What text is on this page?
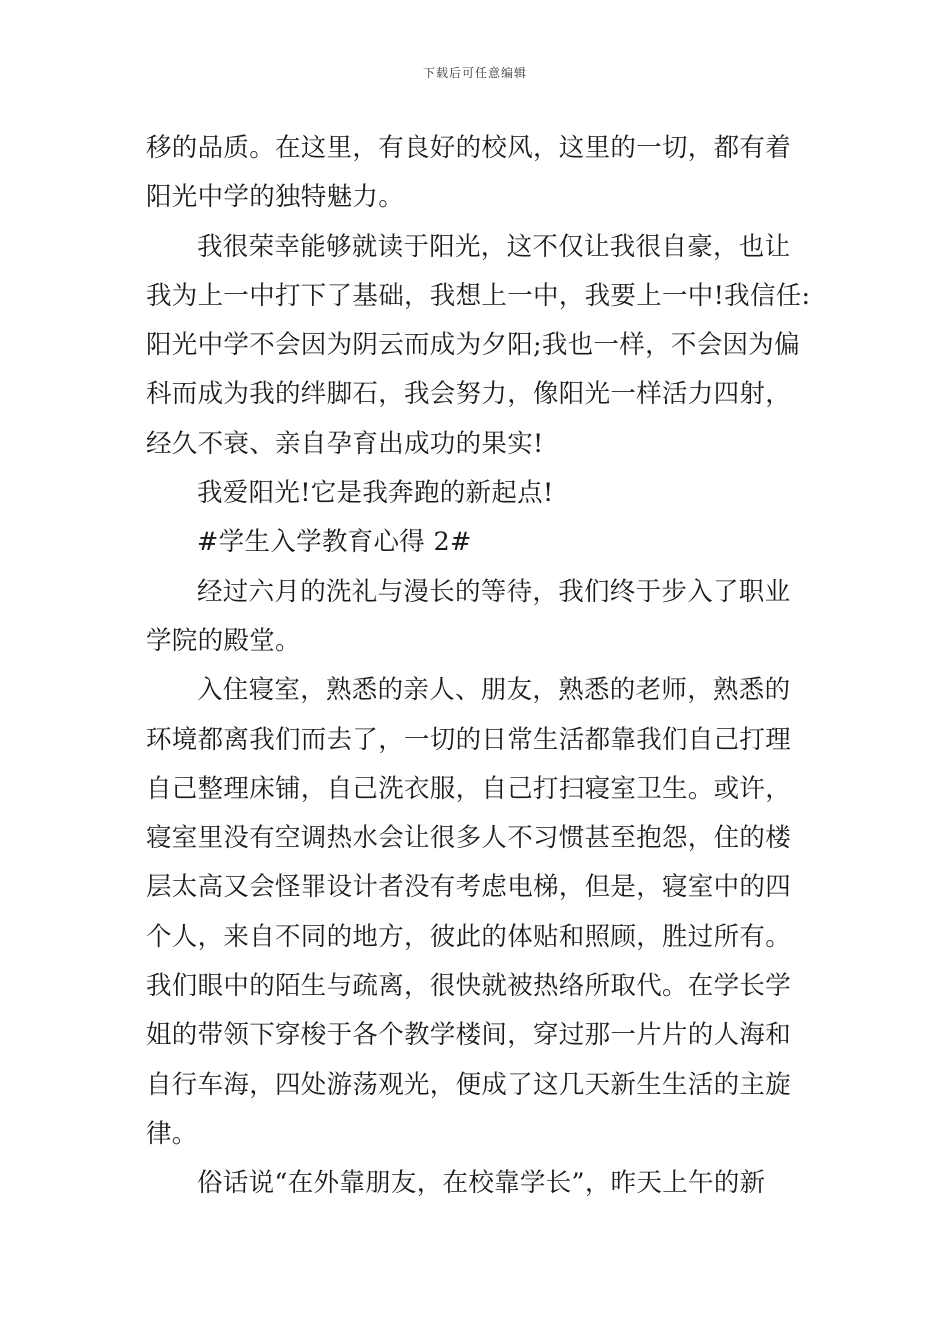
下载后可任意编辑
移的品质。在这里，有良好的校风，这里的一切，都有着
阳光中学的独特魅力。
我很荣幸能够就读于阳光，这不仅让我很自豪，也让
我为上一中打下了基础，我想上一中，我要上一中!我信任:
阳光中学不会因为阴云而成为夕阳;我也一样，不会因为偏
科而成为我的绊脚石，我会努力，像阳光一样活力四射，
经久不衰、亲自孕育出成功的果实!
我爱阳光!它是我奔跑的新起点!
#学生入学教育心得 2#
经过六月的洗礼与漫长的等待，我们终于步入了职业
学院的殿堂。
入住寝室，熟悉的亲人、朋友，熟悉的老师，熟悉的
环境都离我们而去了，一切的日常生活都靠我们自己打理
自己整理床铺，自己洗衣服，自己打扫寝室卫生。或许，
寝室里没有空调热水会让很多人不习惯甚至抱怨，住的楼
层太高又会怪罪设计者没有考虑电梯，但是，寝室中的四
个人，来自不同的地方，彼此的体贴和照顾，胜过所有。
我们眼中的陌生与疏离，很快就被热络所取代。在学长学
姐的带领下穿梭于各个教学楼间，穿过那一片片的人海和
自行车海，四处游荡观光，便成了这几天新生生活的主旋
律。
俗话说“在外靠朋友，在校靠学长”，昨天上午的新
